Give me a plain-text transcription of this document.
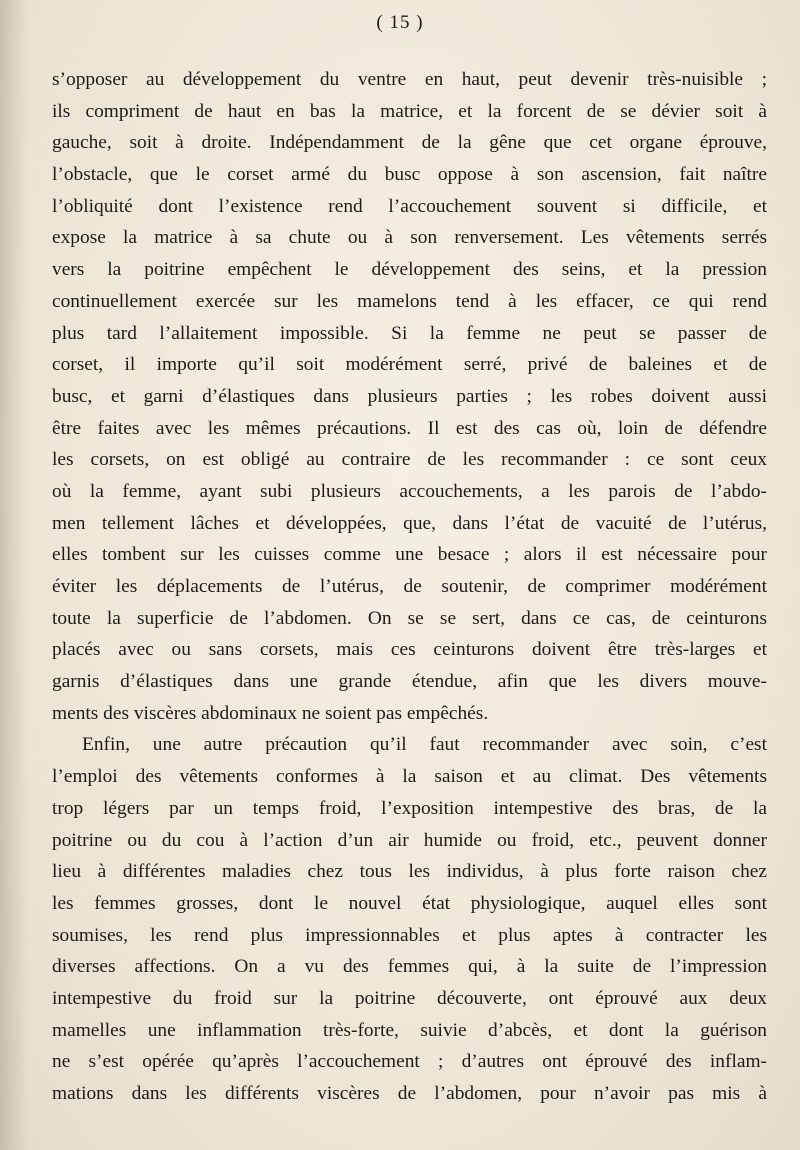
( 15 )
s’opposer au développement du ventre en haut, peut devenir très-nuisible ;
ils compriment de haut en bas la matrice, et la forcent de se dévier soit à
gauche, soit à droite. Indépendamment de la gêne que cet organe éprouve,
l’obstacle, que le corset armé du busc oppose à son ascension, fait naître
l’obliquité dont l’existence rend l’accouchement souvent si difficile, et
expose la matrice à sa chute ou à son renversement. Les vêtements serrés
vers la poitrine empêchent le développement des seins, et la pression
continuellement exercée sur les mamelons tend à les effacer, ce qui rend
plus tard l’allaitement impossible. Si la femme ne peut se passer de
corset, il importe qu’il soit modérément serré, privé de baleines et de
busc, et garni d’élastiques dans plusieurs parties ; les robes doivent aussi
être faites avec les mêmes précautions. Il est des cas où, loin de défendre
les corsets, on est obligé au contraire de les recommander : ce sont ceux
où la femme, ayant subi plusieurs accouchements, a les parois de l’abdo-
men tellement lâches et développées, que, dans l’état de vacuité de l’utérus,
elles tombent sur les cuisses comme une besace ; alors il est nécessaire pour
éviter les déplacements de l’utérus, de soutenir, de comprimer modérément
toute la superficie de l’abdomen. On se se sert, dans ce cas, de ceinturons
placés avec ou sans corsets, mais ces ceinturons doivent être très-larges et
garnis d’élastiques dans une grande étendue, afin que les divers mouve-
ments des viscères abdominaux ne soient pas empêchés.
Enfin, une autre précaution qu’il faut recommander avec soin, c’est
l’emploi des vêtements conformes à la saison et au climat. Des vêtements
trop légers par un temps froid, l’exposition intempestive des bras, de la
poitrine ou du cou à l’action d’un air humide ou froid, etc., peuvent donner
lieu à différentes maladies chez tous les individus, à plus forte raison chez
les femmes grosses, dont le nouvel état physiologique, auquel elles sont
soumises, les rend plus impressionnables et plus aptes à contracter les
diverses affections. On a vu des femmes qui, à la suite de l’impression
intempestive du froid sur la poitrine découverte, ont éprouvé aux deux
mamelles une inflammation très-forte, suivie d’abcès, et dont la guérison
ne s’est opérée qu’après l’accouchement ; d’autres ont éprouvé des inflam-
mations dans les différents viscères de l’abdomen, pour n’avoir pas mis à
